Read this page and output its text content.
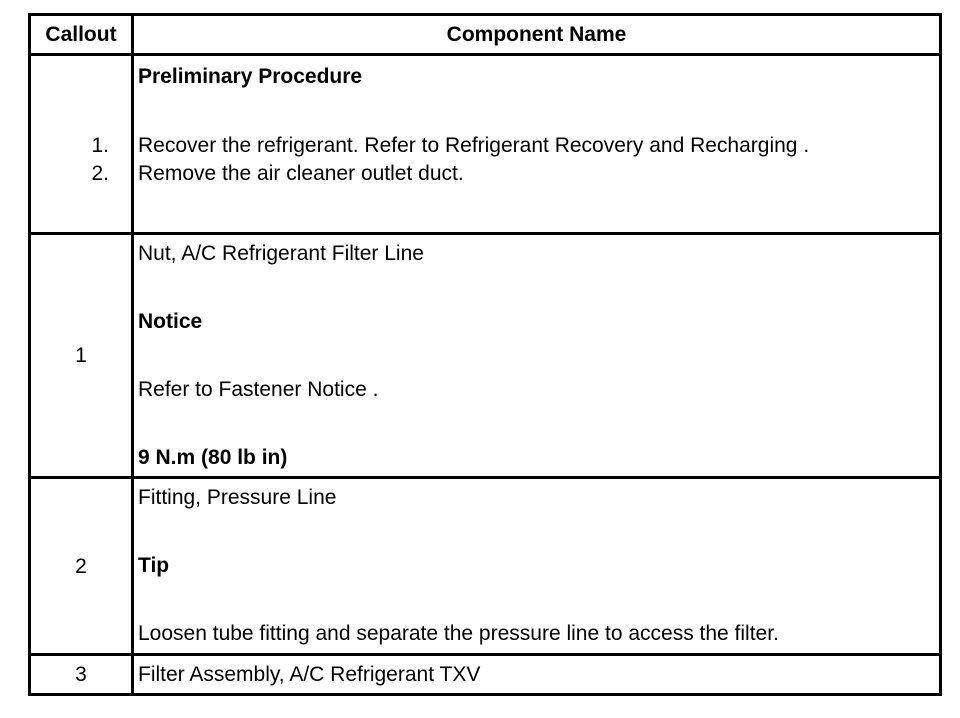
Callout	Component Name
Preliminary Procedure
1. Recover the refrigerant. Refer to Refrigerant Recovery and Recharging .
2. Remove the air cleaner outlet duct.
1
Nut, A/C Refrigerant Filter Line
Notice
Refer to Fastener Notice .
9 N.m (80 lb in)
2
Fitting, Pressure Line
Tip
Loosen tube fitting and separate the pressure line to access the filter.
3	Filter Assembly, A/C Refrigerant TXV
